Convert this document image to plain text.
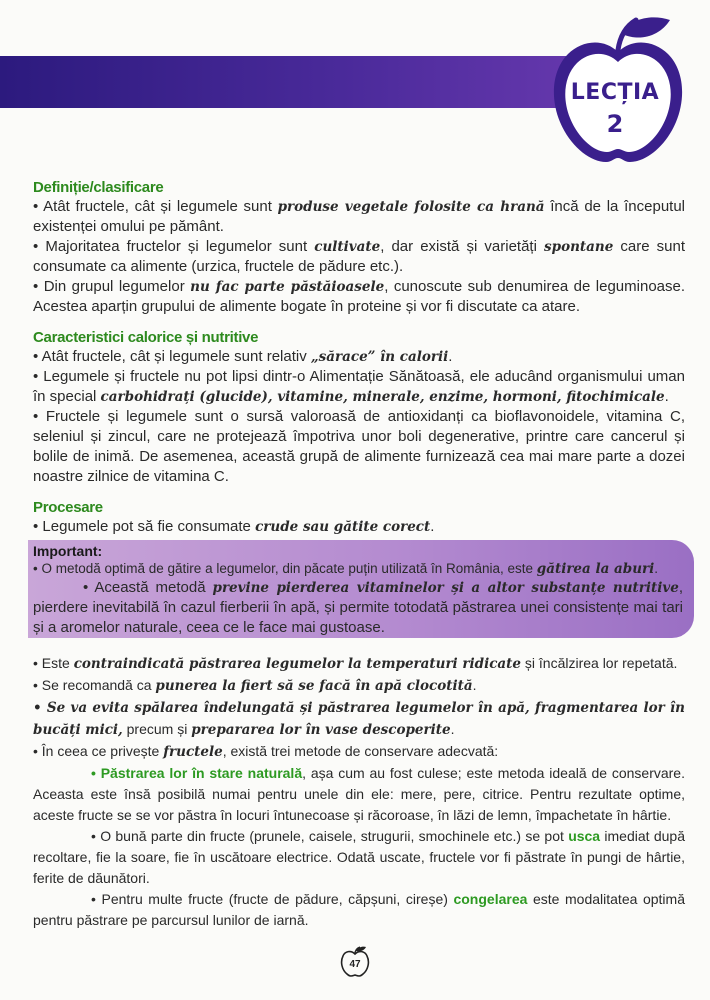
LECȚIA
2
Definiție/clasificare
• Atât fructele, cât și legumele sunt produse vegetale folosite ca hrană încă de la începutul existenței omului pe pământ.
• Majoritatea fructelor și legumelor sunt cultivate, dar există și varietăți spontane care sunt consumate ca alimente (urzica, fructele de pădure etc.).
• Din grupul legumelor nu fac parte păstăioasele, cunoscute sub denumirea de leguminoase. Acestea aparțin grupului de alimente bogate în proteine și vor fi discutate ca atare.
Caracteristici calorice și nutritive
• Atât fructele, cât și legumele sunt relativ „sărace” în calorii.
• Legumele și fructele nu pot lipsi dintr-o Alimentație Sănătoasă, ele aducând organismului uman în special carbohidrați (glucide), vitamine, minerale, enzime, hormoni, fitochimicale.
• Fructele și legumele sunt o sursă valoroasă de antioxidanți ca bioflavonoidele, vitamina C, seleniul și zincul, care ne protejează împotriva unor boli degenerative, printre care cancerul și bolile de inimă. De asemenea, această grupă de alimente furnizează cea mai mare parte a dozei noastre zilnice de vitamina C.
Procesare
• Legumele pot să fie consumate crude sau gătite corect.
Important:
• O metodă optimă de gătire a legumelor, din păcate puțin utilizată în România, este gătirea la aburi.
• Această metodă previne pierderea vitaminelor și a altor substanțe nutritive, pierdere inevitabilă în cazul fierberii în apă, și permite totodată păstrarea unei consistențe mai tari și a aromelor naturale, ceea ce le face mai gustoase.
• Este contraindicată păstrarea legumelor la temperaturi ridicate și încălzirea lor repetată.
• Se recomandă ca punerea la fiert să se facă în apă clocotită.
• Se va evita spălarea îndelungată și păstrarea legumelor în apă, fragmentarea lor în bucăți mici, precum și prepararea lor în vase descoperite.
• În ceea ce privește fructele, există trei metode de conservare adecvată:
• Păstrarea lor în stare naturală, așa cum au fost culese; este metoda ideală de conservare. Aceasta este însă posibilă numai pentru unele din ele: mere, pere, citrice. Pentru rezultate optime, aceste fructe se se vor păstra în locuri întunecoase și răcoroase, în lăzi de lemn, împachetate în hârtie.
• O bună parte din fructe (prunele, caisele, strugurii, smochinele etc.) se pot usca imediat după recoltare, fie la soare, fie în uscătoare electrice. Odată uscate, fructele vor fi păstrate în pungi de hârtie, ferite de dăunători.
• Pentru multe fructe (fructe de pădure, căpșuni, cireșe) congelarea este modalitatea optimă pentru păstrare pe parcursul lunilor de iarnă.
47
